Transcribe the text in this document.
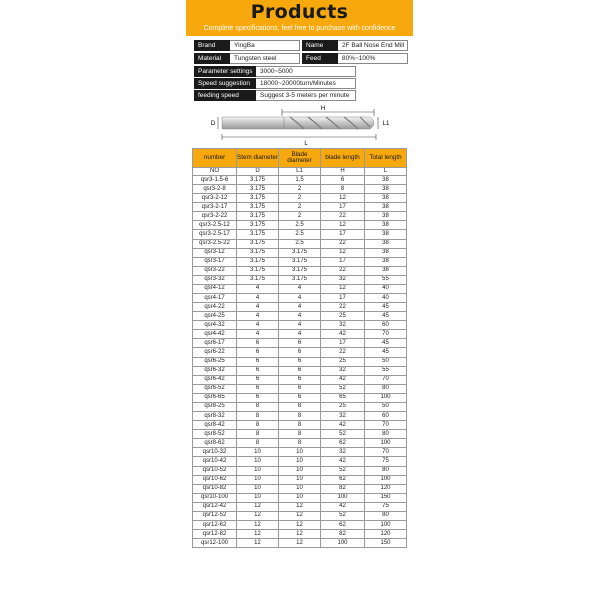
Products
Complete specifications, feel free to purchase with confidence
Brand	YingBa	Name	2F Ball Nose End Mill
Material	Tungsten steel	Feed	80%~100%
Parameter settings	3000~5000
Speed suggestion	18000~20000turn/Minutes
feeding speed	Suggest 3-5 meters per minute
H
D	L1
L
number	Stem diameter	Blade diameter	blade length	Total length
NO	D	L1	H	L
qsr3-1.5-6	3.175	1.5	6	38
qsr3-2-8	3.175	2	8	38
qsr3-2-12	3.175	2	12	38
qsr3-2-17	3.175	2	17	38
qsr3-2-22	3.175	2	22	38
qsr3-2.5-12	3.175	2.5	12	38
qsr3-2.5-17	3.175	2.5	17	38
qsr3-2.5-22	3.175	2.5	22	38
qsr3-12	3.175	3.175	12	38
qsr3-17	3.175	3.175	17	38
qsr3-22	3.175	3.175	22	38
qsr3-32	3.175	3.175	32	55
qsr4-12	4	4	12	40
qsr4-17	4	4	17	40
qsr4-22	4	4	22	45
qsr4-25	4	4	25	45
qsr4-32	4	4	32	60
qsr4-42	4	4	42	70
qsr6-17	6	6	17	45
qsr6-22	6	6	22	45
qsr6-25	6	6	25	50
qsr6-32	6	6	32	55
qsr6-42	6	6	42	70
qsr6-52	6	6	52	80
qsr6-65	6	6	65	100
qsr8-25	8	8	25	50
qsr8-32	8	8	32	60
qsr8-42	8	8	42	70
qsr8-52	8	8	52	80
qsr8-62	8	8	62	100
qsr10-32	10	10	32	70
qsr10-42	10	10	42	75
qsr10-52	10	10	52	80
qsr10-62	10	10	62	100
qsr10-82	10	10	82	120
qsr10-100	10	10	100	150
qsr12-42	12	12	42	75
qsr12-52	12	12	52	80
qsr12-62	12	12	62	100
qsr12-82	12	12	82	120
qsr12-100	12	12	100	150
